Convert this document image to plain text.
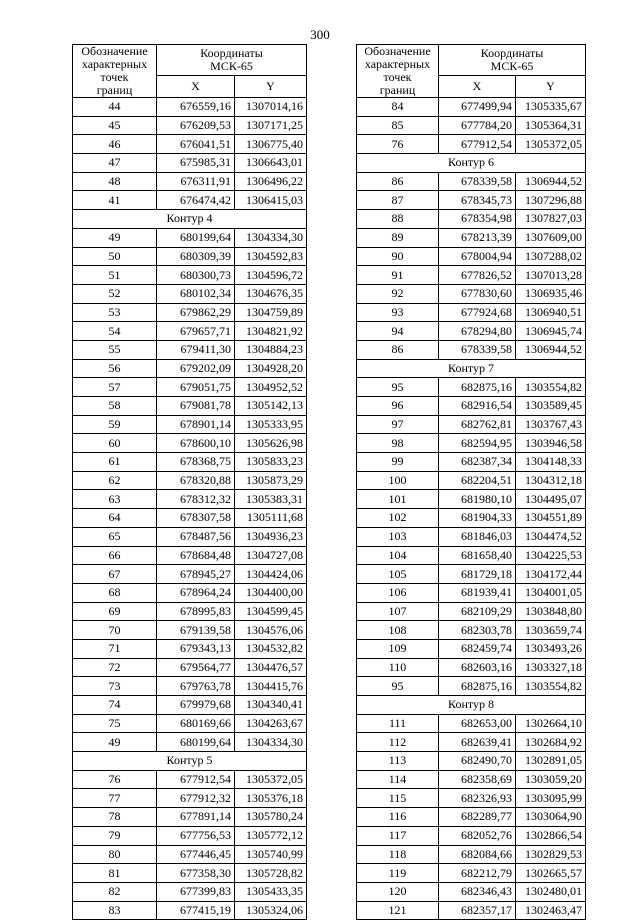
300
Обозначение
характерных
точек
границ	Координаты
МСК-65	
	X	Y
44	676559,16	1307014,16
45	676209,53	1307171,25
46	676041,51	1306775,40
47	675985,31	1306643,01
48	676311,91	1306496,22
41	676474,42	1306415,03
Контур 4		
49	680199,64	1304334,30
50	680309,39	1304592,83
51	680300,73	1304596,72
52	680102,34	1304676,35
53	679862,29	1304759,89
54	679657,71	1304821,92
55	679411,30	1304884,23
56	679202,09	1304928,20
57	679051,75	1304952,52
58	679081,78	1305142,13
59	678901,14	1305333,95
60	678600,10	1305626,98
61	678368,75	1305833,23
62	678320,88	1305873,29
63	678312,32	1305383,31
64	678307,58	1305111,68
65	678487,56	1304936,23
66	678684,48	1304727,08
67	678945,27	1304424,06
68	678964,24	1304400,00
69	678995,83	1304599,45
70	679139,58	1304576,06
71	679343,13	1304532,82
72	679564,77	1304476,57
73	679763,78	1304415,76
74	679979,68	1304340,41
75	680169,66	1304263,67
49	680199,64	1304334,30
Контур 5		
76	677912,54	1305372,05
77	677912,32	1305376,18
78	677891,14	1305780,24
79	677756,53	1305772,12
80	677446,45	1305740,99
81	677358,30	1305728,82
82	677399,83	1305433,35
83	677415,19	1305324,06
Обозначение
характерных
точек
границ	Координаты
МСК-65	
	X	Y
84	677499,94	1305335,67
85	677784,20	1305364,31
76	677912,54	1305372,05
Контур 6		
86	678339,58	1306944,52
87	678345,73	1307296,88
88	678354,98	1307827,03
89	678213,39	1307609,00
90	678004,94	1307288,02
91	677826,52	1307013,28
92	677830,60	1306935,46
93	677924,68	1306940,51
94	678294,80	1306945,74
86	678339,58	1306944,52
Контур 7		
95	682875,16	1303554,82
96	682916,54	1303589,45
97	682762,81	1303767,43
98	682594,95	1303946,58
99	682387,34	1304148,33
100	682204,51	1304312,18
101	681980,10	1304495,07
102	681904,33	1304551,89
103	681846,03	1304474,52
104	681658,40	1304225,53
105	681729,18	1304172,44
106	681939,41	1304001,05
107	682109,29	1303848,80
108	682303,78	1303659,74
109	682459,74	1303493,26
110	682603,16	1303327,18
95	682875,16	1303554,82
Контур 8		
111	682653,00	1302664,10
112	682639,41	1302684,92
113	682490,70	1302891,05
114	682358,69	1303059,20
115	682326,93	1303095,99
116	682289,77	1303064,90
117	682052,76	1302866,54
118	682084,66	1302829,53
119	682212,79	1302665,57
120	682346,43	1302480,01
121	682357,17	1302463,47
